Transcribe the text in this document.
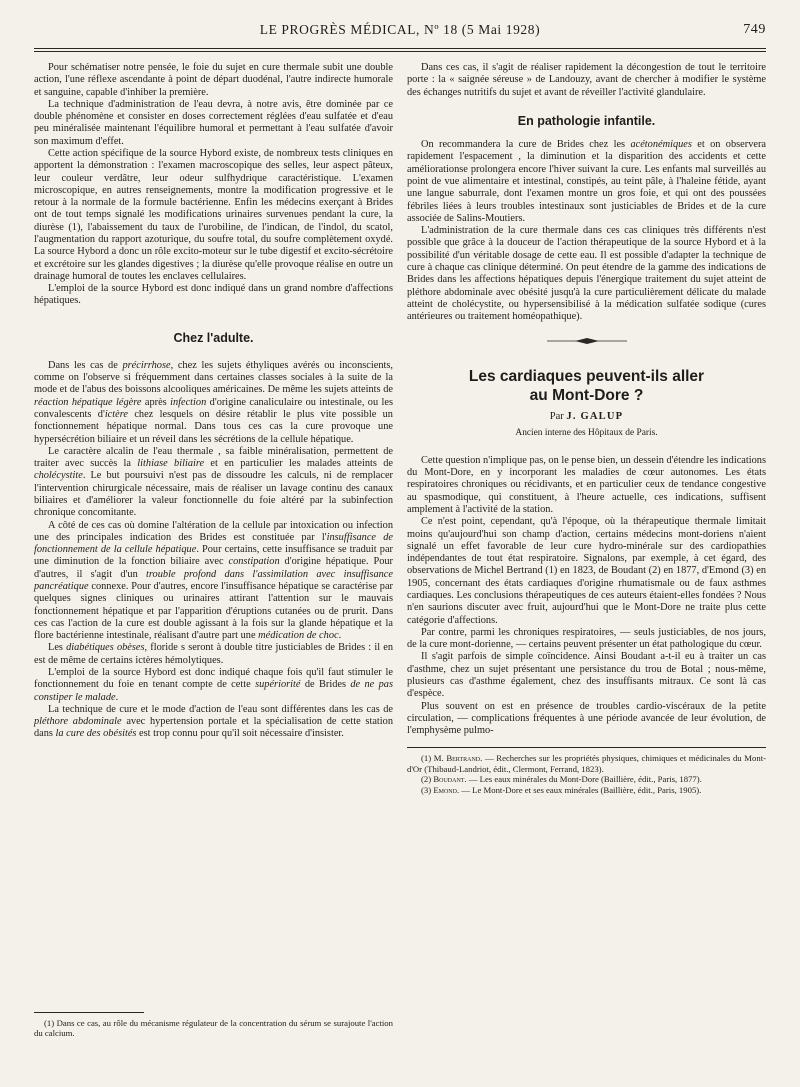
LE PROGRÈS MÉDICAL, Nº 18 (5 Mai 1928)	749

Pour schématiser notre pensée, le foie du sujet en cure thermale subit une double action, l'une réflexe ascendante à point de départ duodénal, l'autre indirecte humorale et sanguine, capable d'inhiber la première.

La technique d'administration de l'eau devra, à notre avis, être dominée par ce double phénomène et consister en doses correctement réglées d'eau sulfatée et d'eau peu minéralisée maintenant l'équilibre humoral et permettant à l'eau sulfatée d'avoir son maximum d'effet.

Cette action spécifique de la source Hybord existe, de nombreux tests cliniques en apportent la démonstration : l'examen macroscopique des selles, leur aspect pâteux, leur couleur verdâtre, leur odeur sulfhydrique caractéristique. L'examen microscopique, en autres renseignements, montre la modification progressive et le retour à la normale de la formule bactérienne. Enfin les médecins exerçant à Brides ont de tout temps signalé les modifications urinaires survenues pendant la cure, la diurèse (1), l'abaissement du taux de l'urobiline, de l'indican, de l'indol, du scatol, l'augmentation du rapport azoturique, du soufre total, du soufre complètement oxydé. La source Hybord a donc un rôle excito-moteur sur le tube digestif et excito-sécrétoire et excrétoire sur les glandes digestives ; la diurèse qu'elle provoque réalise en outre un drainage humoral de toutes les enclaves cellulaires.

L'emploi de la source Hybord est donc indiqué dans un grand nombre d'affections hépatiques.

Chez l'adulte.

Dans les cas de précirrhose, chez les sujets éthyliques avérés ou inconscients, comme on l'observe si fréquemment dans certaines classes sociales à la suite de la mode et de l'abus des boissons alcooliques américaines. De même les sujets atteints de réaction hépatique légère après infection d'origine canaliculaire ou intestinale, ou les convalescents d'ictère chez lesquels on désire rétablir le plus vite possible un fonctionnement hépatique normal. Dans tous ces cas la cure provoque une hypersécrétion biliaire et un réveil dans les sécrétions de la cellule hépatique.

Le caractère alcalin de l'eau thermale , sa faible minéralisation, permettent de traiter avec succès la lithiase biliaire et en particulier les malades atteints de cholécystite. Le but poursuivi n'est pas de dissoudre les calculs, ni de remplacer l'intervention chirurgicale nécessaire, mais de réaliser un lavage continu des canaux biliaires et d'améliorer la valeur fonctionnelle du foie altéré par la subinfection chronique concomitante.

A côté de ces cas où domine l'altération de la cellule par intoxication ou infection une des principales indication des Brides est constituée par l'insuffisance de fonctionnement de la cellule hépatique. Pour certains, cette insuffisance se traduit par une diminution de la fonction biliaire avec constipation d'origine hépatique. Pour d'autres, il s'agit d'un trouble profond dans l'assimilation avec insuffisance pancréatique connexe. Pour d'autres, encore l'insuffisance hépatique se caractérise par quelques signes cliniques ou urinaires attirant l'attention sur le mauvais fonctionnement hépatique et par l'apparition d'éruptions cutanées ou de prurit. Dans ces cas l'action de la cure est double agissant à la fois sur la glande hépatique et la flore bactérienne intestinale, réalisant d'autre part une médication de choc.

Les diabétiques obèses, floride s seront à double titre justiciables de Brides : il en est de même de certains ictères hémolytiques.

L'emploi de la source Hybord est donc indiqué chaque fois qu'il faut stimuler le fonctionnement du foie en tenant compte de cette supériorité de Brides de ne pas constiper le malade.

La technique de cure et le mode d'action de l'eau sont différentes dans les cas de pléthore abdominale avec hypertension portale et la spécialisation de cette station dans la cure des obésités est trop connu pour qu'il soit nécessaire d'insister.

Dans ces cas, il s'agit de réaliser rapidement la décongestion de tout le territoire porte : la « saignée séreuse » de Landouzy, avant de chercher à modifier le système des échanges nutritifs du sujet et avant de réveiller l'activité glandulaire.

En pathologie infantile.

On recommandera la cure de Brides chez les acétonémiques et on observera rapidement l'espacement , la diminution et la disparition des accidents et cette améliorationse prolongera encore l'hiver suivant la cure. Les enfants mal surveillés au point de vue alimentaire et intestinal, constipés, au teint pâle, à l'haleine fétide, ayant une langue saburrale, dont l'examen montre un gros foie, et qui ont des poussées fébriles liées à leurs troubles intestinaux sont justiciables de Brides et de la cure associée de Salins-Moutiers.

L'administration de la cure thermale dans ces cas cliniques très différents n'est possible que grâce à la douceur de l'action thérapeutique de la source Hybord et à la possibilité d'un véritable dosage de cette eau. Il est possible d'adapter la technique de cure à chaque cas clinique déterminé. On peut étendre de la gamme des indications de Brides dans les affections hépatiques depuis l'énergique traitement du sujet atteint de pléthore abdominale avec obésité jusqu'à la cure particulièrement délicate du malade atteint de cholécystite, ou hypersensibilisé à la médication sulfatée sodique (cures antérieures ou traitement homéopathique).

Les cardiaques peuvent-ils aller
au Mont-Dore ?
Par J. GALUP
Ancien interne des Hôpitaux de Paris.

Cette question n'implique pas, on le pense bien, un dessein d'étendre les indications du Mont-Dore, en y incorporant les maladies de cœur autonomes. Les états respiratoires chroniques ou récidivants, et en particulier ceux de tendance congestive au spasmodique, qui constituent, à l'heure actuelle, ces indications, suffisent amplement à l'activité de la station.

Ce n'est point, cependant, qu'à l'époque, où la thérapeutique thermale limitait moins qu'aujourd'hui son champ d'action, certains médecins mont-doriens n'aient signalé un effet favorable de leur cure hydro-minérale sur des cardiopathies indépendantes de tout état respiratoire. Signalons, par exemple, à cet égard, des observations de Michel Bertrand (1) en 1823, de Boudant (2) en 1877, d'Emond (3) en 1905, concernant des états cardiaques d'origine rhumatismale ou de faux asthmes cardiaques. Les conclusions thérapeutiques de ces auteurs étaient-elles fondées ? Nous n'en saurions discuter avec fruit, aujourd'hui que le Mont-Dore ne traite plus cette catégorie d'affections.

Par contre, parmi les chroniques respiratoires, — seuls justiciables, de nos jours, de la cure mont-dorienne, — certains peuvent présenter un état pathologique du cœur.

Il s'agit parfois de simple coïncidence. Ainsi Boudant a-t-il eu à traiter un cas d'asthme, chez un sujet présentant une persistance du trou de Botal ; nous-même, plusieurs cas d'asthme également, chez des insuffisants mitraux. Ce sont là cas d'espèce.

Plus souvent on est en présence de troubles cardio-viscéraux de la petite circulation, — complications fréquentes à une période avancée de leur évolution, de l'emphysème pulmo-

(1) M. Bertrand. — Recherches sur les propriétés physiques, chimiques et médicinales du Mont-d'Or (Thibaud-Landriot, édit., Clermont, Ferrand, 1823).

(2) Boudant. — Les eaux minérales du Mont-Dore (Baillière, édit., Paris, 1877).

(3) Emond. — Le Mont-Dore et ses eaux minérales (Baillière, édit., Paris, 1905).

(1) Dans ce cas, au rôle du mécanisme régulateur de la concentration du sérum se surajoute l'action du calcium.
